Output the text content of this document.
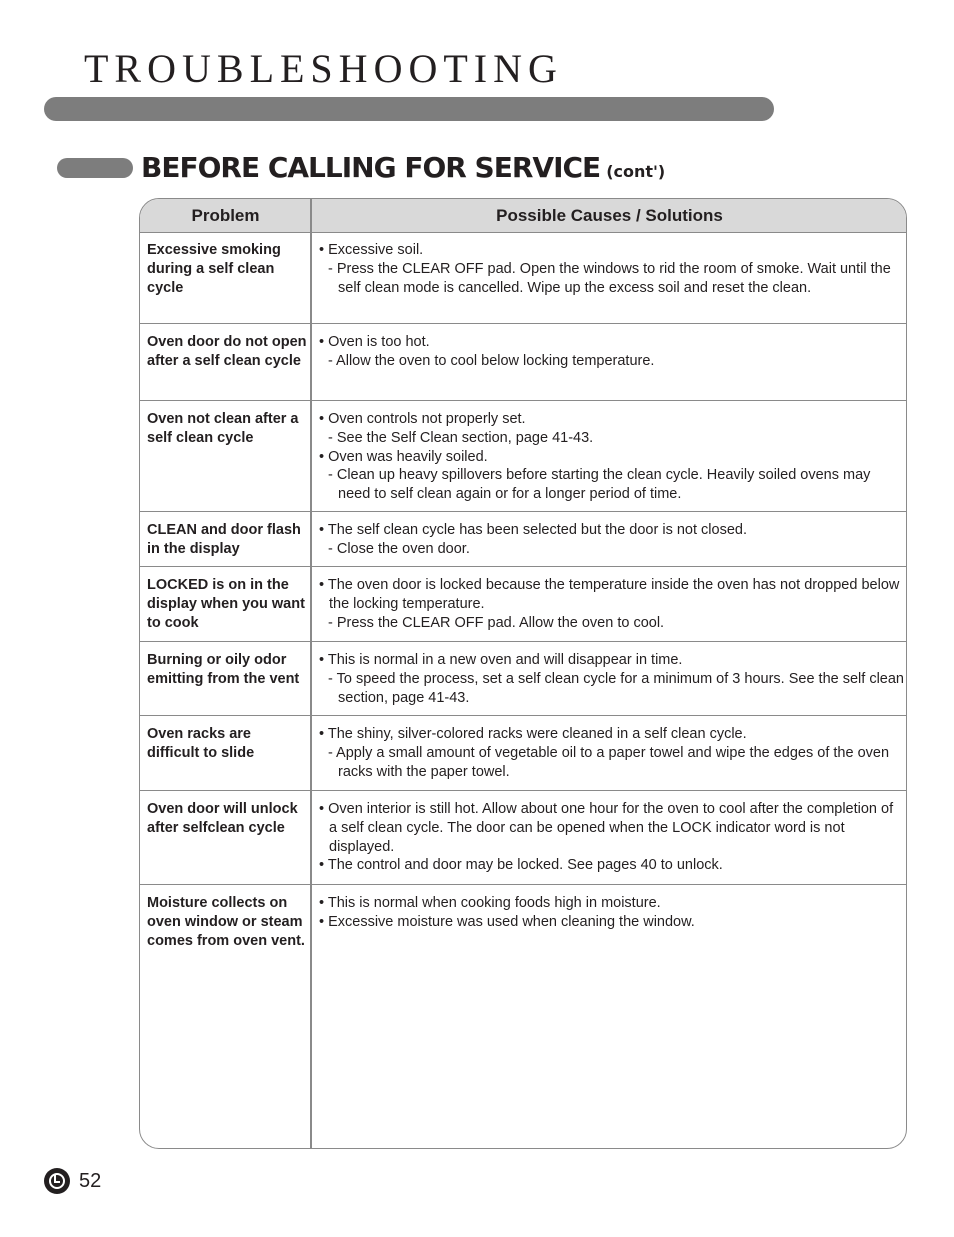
TROUBLESHOOTING
BEFORE CALLING FOR SERVICE (cont')
Problem	Possible Causes / Solutions
Excessive smoking during a self clean cycle
• Excessive soil.
- Press the CLEAR OFF pad. Open the windows to rid the room of smoke. Wait until the self clean mode is cancelled. Wipe up the excess soil and reset the clean.
Oven door do not open after a self clean cycle
• Oven is too hot.
- Allow the oven to cool below locking temperature.
Oven not clean after a self clean cycle
• Oven controls not properly set.
- See the Self Clean section, page 41-43.
• Oven was heavily soiled.
- Clean up heavy spillovers before starting the clean cycle. Heavily soiled ovens may need to self clean again or for a longer period of time.
CLEAN and door flash in the display
• The self clean cycle has been selected but the door is not closed.
- Close the oven door.
LOCKED is on in the display when you want to cook
• The oven door is locked because the temperature inside the oven has not dropped below the locking temperature.
- Press the CLEAR OFF pad. Allow the oven to cool.
Burning or oily odor emitting from the vent
• This is normal in a new oven and will disappear in time.
- To speed the process, set a self clean cycle for a minimum of 3 hours. See the self clean section, page 41-43.
Oven racks are difficult to slide
• The shiny, silver-colored racks were cleaned in a self clean cycle.
- Apply a small amount of vegetable oil to a paper towel and wipe the edges of the oven racks with the paper towel.
Oven door will unlock after selfclean cycle
• Oven interior is still hot. Allow about one hour for the oven to cool after the completion of a self clean cycle. The door can be opened when the LOCK indicator word is not displayed.
• The control and door may be locked. See pages 40 to unlock.
Moisture collects on oven window or steam comes from oven vent.
• This is normal when cooking foods high in moisture.
• Excessive moisture was used when cleaning the window.
52
